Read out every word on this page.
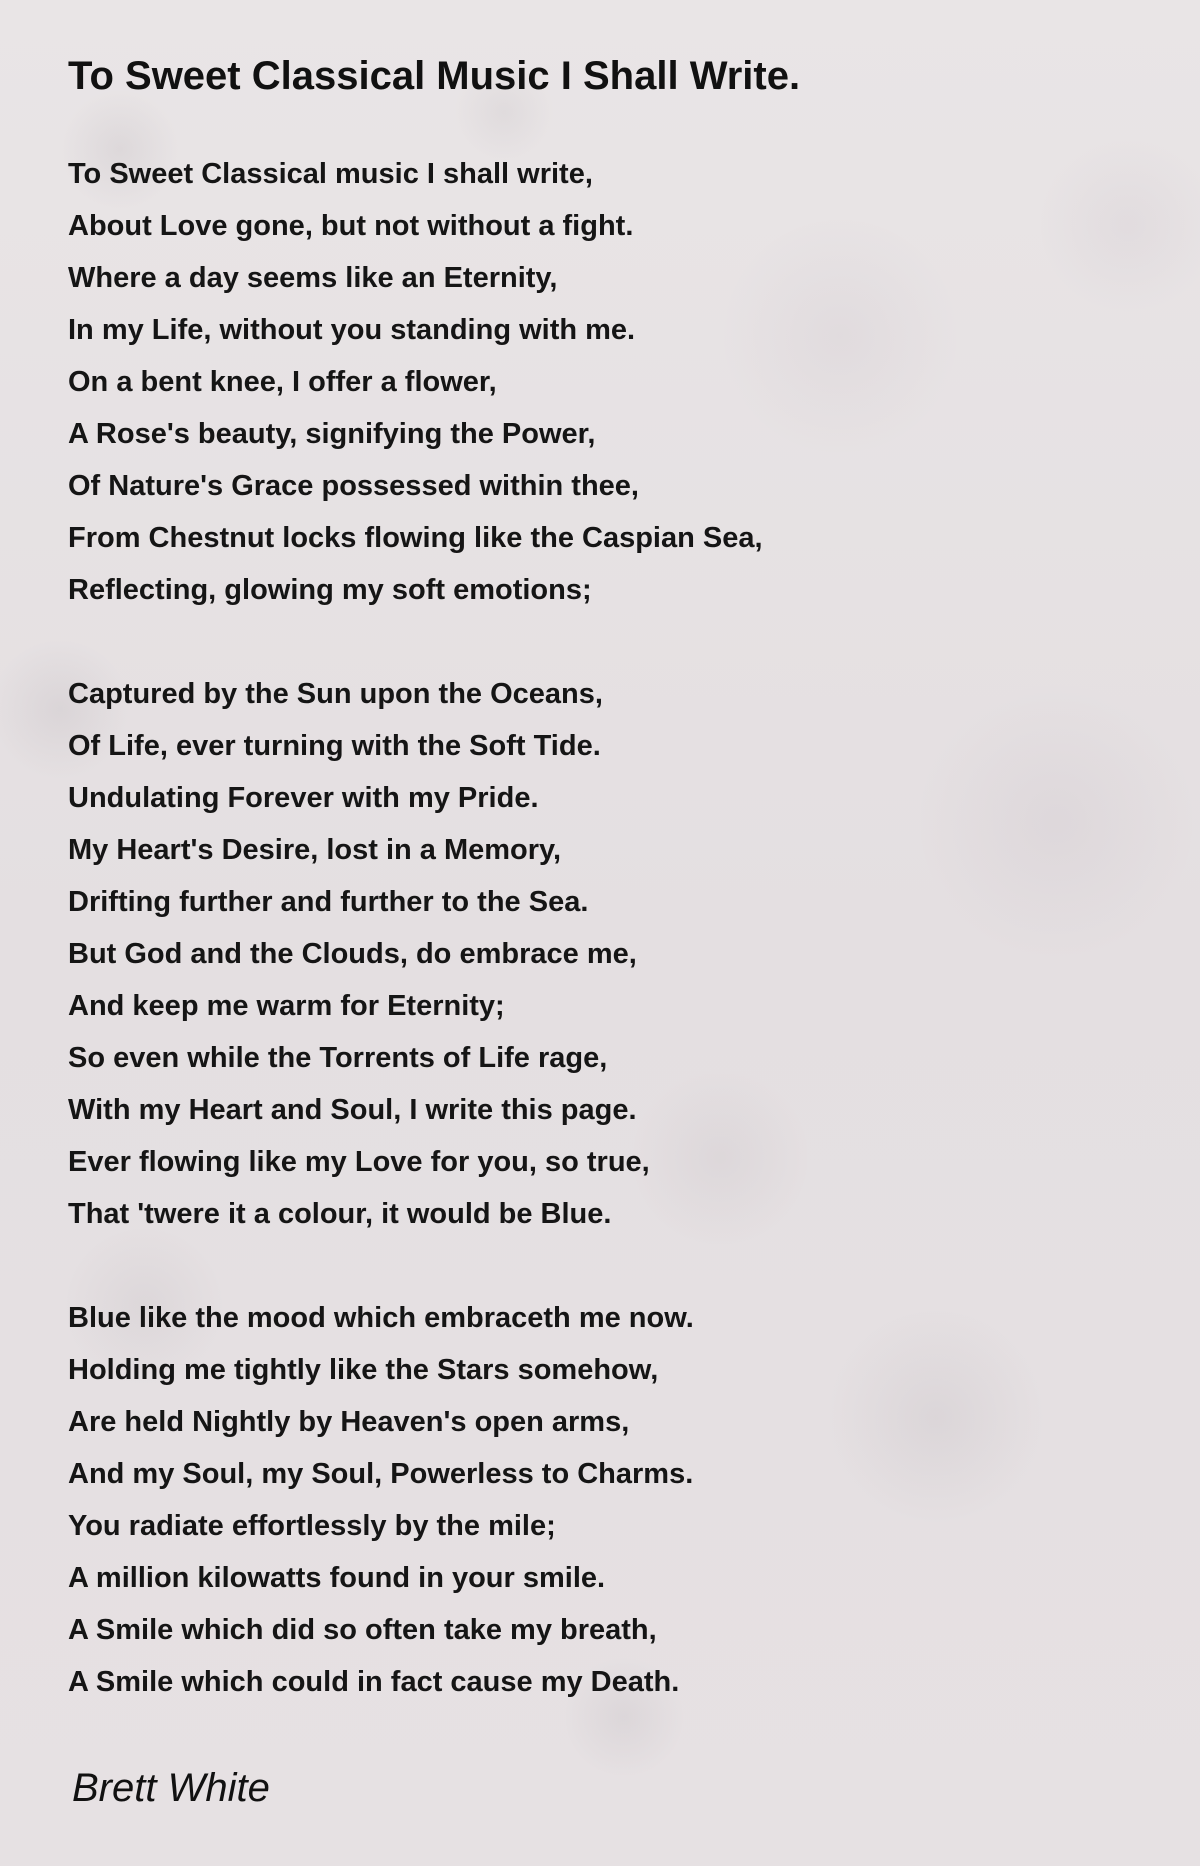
To Sweet Classical Music I Shall Write.
To Sweet Classical music I shall write,
About Love gone, but not without a fight.
Where a day seems like an Eternity,
In my Life, without you standing with me.
On a bent knee, I offer a flower,
A Rose's beauty, signifying the Power,
Of Nature's Grace possessed within thee,
From Chestnut locks flowing like the Caspian Sea,
Reflecting, glowing my soft emotions;
Captured by the Sun upon the Oceans,
Of Life, ever turning with the Soft Tide.
Undulating Forever with my Pride.
My Heart's Desire, lost in a Memory,
Drifting further and further to the Sea.
But God and the Clouds, do embrace me,
And keep me warm for Eternity;
So even while the Torrents of Life rage,
With my Heart and Soul, I write this page.
Ever flowing like my Love for you, so true,
That 'twere it a colour, it would be Blue.
Blue like the mood which embraceth me now.
Holding me tightly like the Stars somehow,
Are held Nightly by Heaven's open arms,
And my Soul, my Soul, Powerless to Charms.
You radiate effortlessly by the mile;
A million kilowatts found in your smile.
A Smile which did so often take my breath,
A Smile which could in fact cause my Death.
Brett White
